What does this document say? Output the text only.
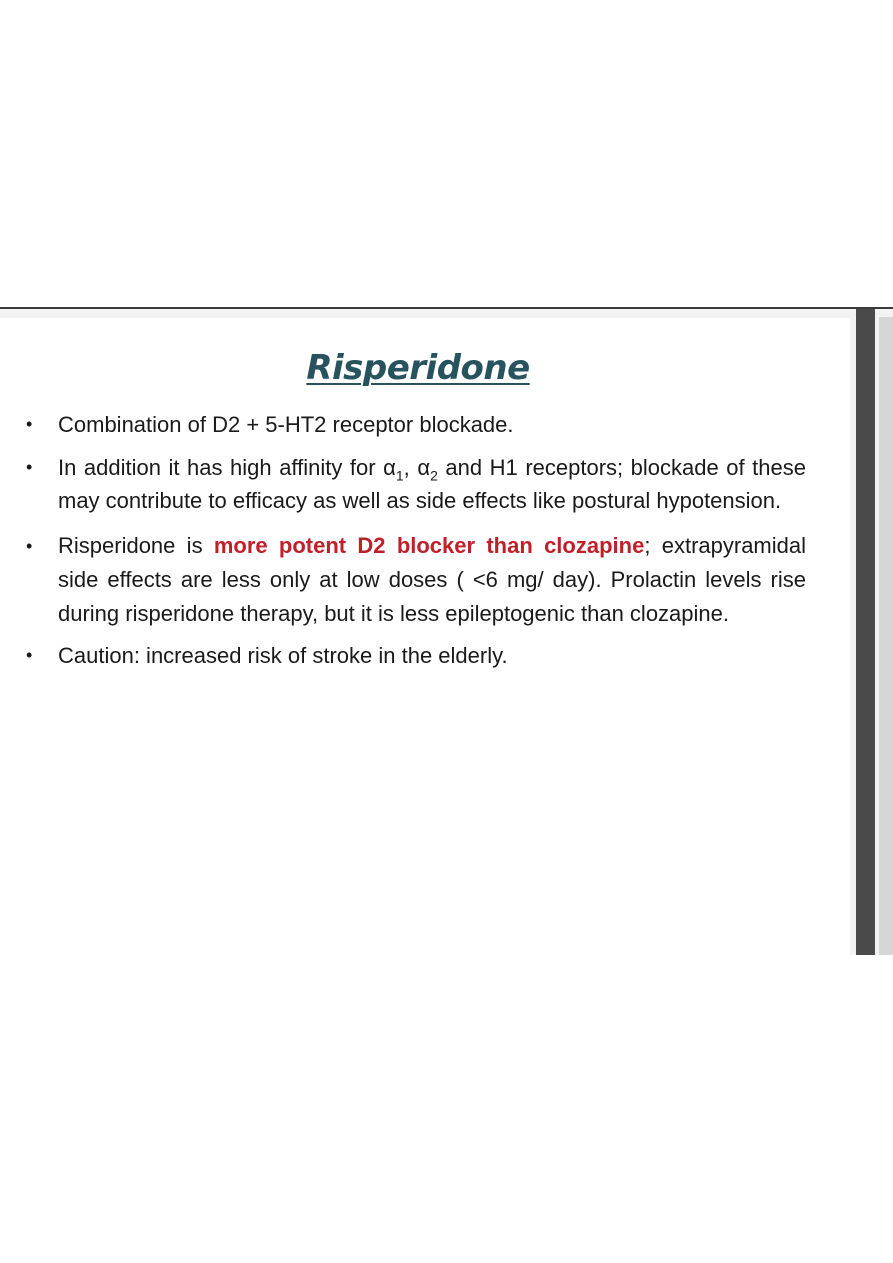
Risperidone
• Combination of D2 + 5-HT2 receptor blockade.
• In addition it has high affinity for $\alpha_1$, $\alpha_2$ and H1 receptors; blockade of these may contribute to efficacy as well as side effects like postural hypotension.
• Risperidone is more potent D2 blocker than clozapine; extrapyramidal side effects are less only at low doses ( <6 mg/ day). Prolactin levels rise during risperidone therapy, but it is less epileptogenic than clozapine.
• Caution: increased risk of stroke in the elderly.
